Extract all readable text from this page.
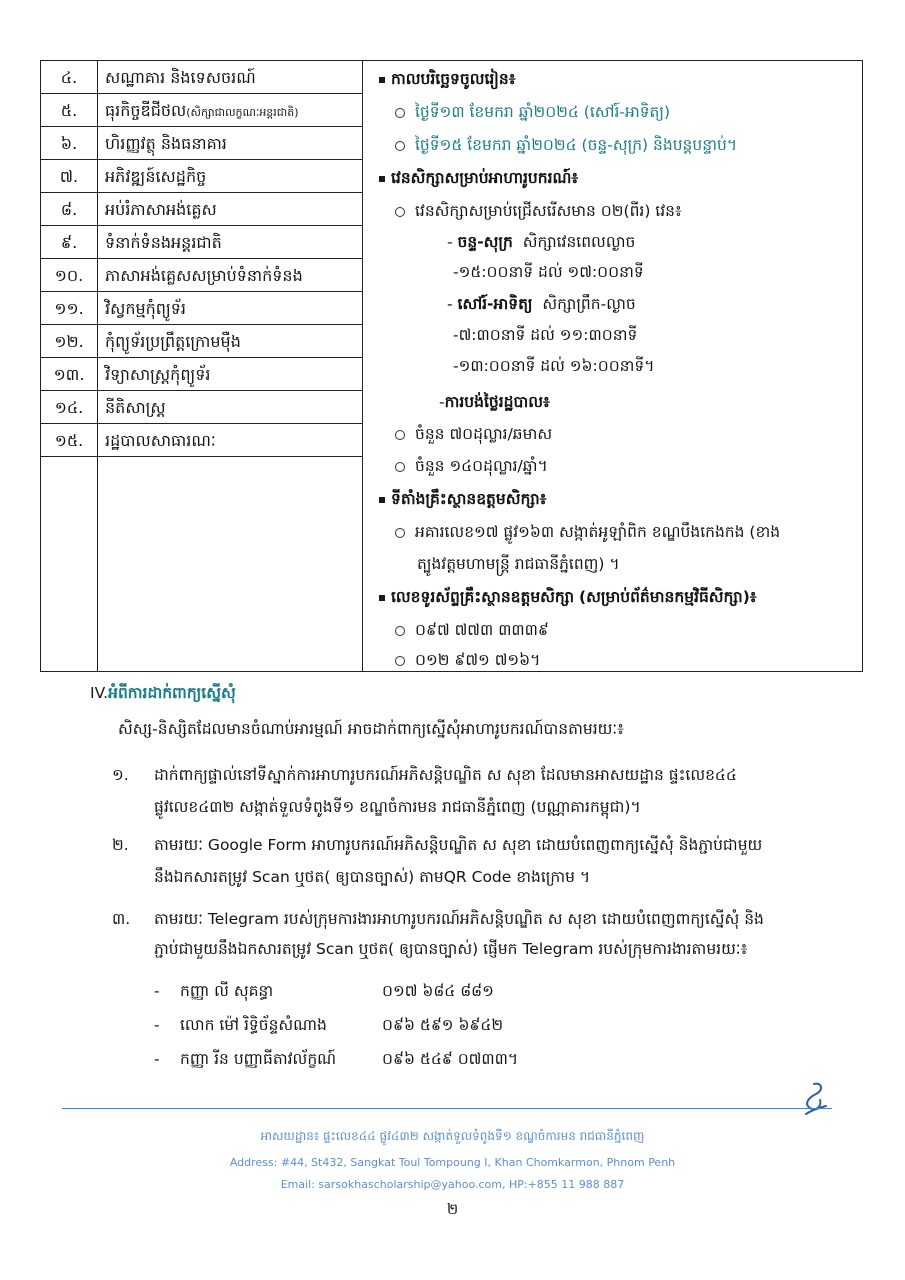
៤.	សណ្ឋាគារ និងទេសចរណ៍
៥.	ធុរកិច្ចឌីជីថល(សិក្សាជាលក្ខណៈអន្តរជាតិ)
៦.	ហិរញ្ញវត្ថុ និងធនាគារ
៧.	អភិវឌ្ឍន៍សេដ្ឋកិច្ច
៨.	អប់រំភាសាអង់គ្លេស
៩.	ទំនាក់ទំនងអន្តរជាតិ
១០.	ភាសាអង់គ្លេសសម្រាប់ទំនាក់ទំនង
១១.	វិស្វកម្មកុំព្យូទ័រ
១២.	កុំព្យូទ័រប្រព្រឹត្តក្រោមម៉ឺង
១៣.	វិទ្យាសាស្ត្រកុំព្យូទ័រ
១៤.	នីតិសាស្ត្រ
១៥.	រដ្ឋបាលសាធារណៈ
កាលបរិច្ឆេទចូលរៀន៖
ថ្ងៃទី១៣ ខែមករា ឆ្នាំ២០២៤ (សៅរ៍-អាទិត្យ)
ថ្ងៃទី១៥ ខែមករា ឆ្នាំ២០២៤ (ចន្ទ-សុក្រ) និងបន្តបន្ទាប់។
វេនសិក្សាសម្រាប់អាហារូបករណ៍៖
វេនសិក្សាសម្រាប់ជ្រើសរើសមាន ០២(ពីរ) វេន៖
- ចន្ទ-សុក្រ សិក្សាវេនពេលល្ងាច
-១៥:០០នាទី ដល់ ១៧:០០នាទី
- សៅរ៍-អាទិត្យ សិក្សាព្រឹក-ល្ងាច
-៧:៣០នាទី ដល់ ១១:៣០នាទី
-១៣:០០នាទី ដល់ ១៦:០០នាទី។
-ការបង់ថ្លៃរដ្ឋបាល៖
ចំនួន ៧០ដុល្លារ/ឆមាស
ចំនួន ១៤០ដុល្លារ/ឆ្នាំ។
ទីតាំងគ្រឹះស្ថានឧត្តមសិក្សា៖
អគារលេខ១៧ ផ្លូវ១៦៣ សង្កាត់អូឡាំពិក ខណ្ឌបឹងកេងកង (ខាង
ត្បូងវត្តមហាមន្ត្រី រាជធានីភ្នំពេញ) ។
លេខទូរស័ព្ទគ្រឹះស្ថានឧត្តមសិក្សា (សម្រាប់ព័ត៌មានកម្មវិធីសិក្សា)៖
០៩៧ ៧៧៣ ៣៣៣៩
០១២ ៩៧១ ៧១៦។
IV.អំពីការដាក់ពាក្យស្នើសុំ
សិស្ស-និស្សិតដែលមានចំណាប់អារម្មណ៍ អាចដាក់ពាក្យស្នើសុំអាហារូបករណ៍បានតាមរយៈ៖
១. ដាក់ពាក្យផ្ទាល់នៅទីស្នាក់ការអាហារូបករណ៍អភិសន្តិបណ្ឌិត ស សុខា ដែលមានអាសយដ្ឋាន ផ្ទះលេខ៤៤
ផ្លូវលេខ៤៣២ សង្កាត់ទួលទំពូងទី១ ខណ្ឌចំការមន រាជធានីភ្នំពេញ (បណ្ណាគារកម្ពុជា)។
២. តាមរយៈ Google Form អាហារូបករណ៍អភិសន្តិបណ្ឌិត ស សុខា ដោយបំពេញពាក្យស្នើសុំ និងភ្ជាប់ជាមួយ
នឹងឯកសារតម្រូវ Scan ឬថត( ឲ្យបានច្បាស់) តាមQR Code ខាងក្រោម ។
៣. តាមរយៈ Telegram របស់ក្រុមការងារអាហារូបករណ៍អភិសន្តិបណ្ឌិត ស សុខា ដោយបំពេញពាក្យស្នើសុំ និង
ភ្ជាប់ជាមួយនឹងឯកសារតម្រូវ Scan ឬថត( ឲ្យបានច្បាស់) ផ្ញើមក Telegram របស់ក្រុមការងារតាមរយៈ៖
- កញ្ញា លី សុគន្ធា	០១៧ ៦៨៤ ៨៨១
- លោក ម៉ៅ រិទ្ធិច័ន្ទសំណាង	០៩៦ ៥៩១ ៦៩៤២
- កញ្ញា រីន បញ្ញាធីតាវល័ក្ខណ៍	០៩៦ ៥៤៩ ០៧៣៣។
អាសយដ្ឋាន៖ ផ្ទះលេខ៤៤ ផ្លូវ៤៣២ សង្កាត់ទួលទំពូងទី១ ខណ្ឌចំការមន រាជធានីភ្នំពេញ
Address: #44, St432, Sangkat Toul Tompoung I, Khan Chomkarmon, Phnom Penh
Email: sarsokhascholarship@yahoo.com, HP:+855 11 988 887
២
